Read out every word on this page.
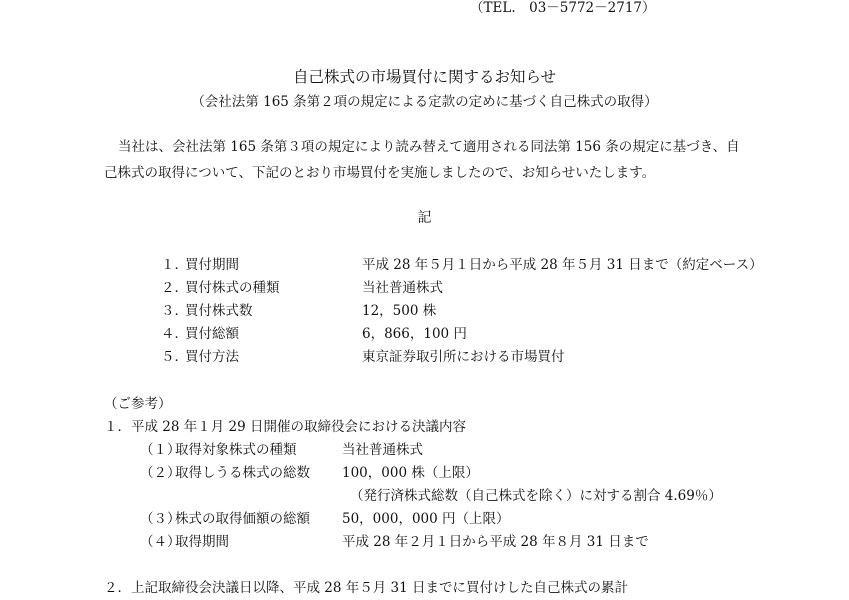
（TEL.　03－5772－2717）
自己株式の市場買付に関するお知らせ
（会社法第 165 条第２項の規定による定款の定めに基づく自己株式の取得）
当社は、会社法第 165 条第３項の規定により読み替えて適用される同法第 156 条の規定に基づき、自
己株式の取得について、下記のとおり市場買付を実施しましたので、お知らせいたします。
記
１．
買付期間	平成 28 年５月１日から平成 28 年５月 31 日まで（約定ベース）
２．
買付株式の種類	当社普通株式
３．
買付株式数	12，500 株
４．
買付総額	6，866，100 円
５．
買付方法	東京証券取引所における市場買付
（ご参考）
１．平成 28 年１月 29 日開催の取締役会における決議内容
（１）
取得対象株式の種類	当社普通株式
（２）
取得しうる株式の総数 100，000 株（上限）
（発行済株式総数（自己株式を除く）に対する割合 4.69％）
（３）
株式の取得価額の総額 50，000，000 円（上限）
（４）
取得期間	平成 28 年２月１日から平成 28 年８月 31 日まで
２．上記取締役会決議日以降、平成 28 年５月 31 日までに買付けした自己株式の累計
